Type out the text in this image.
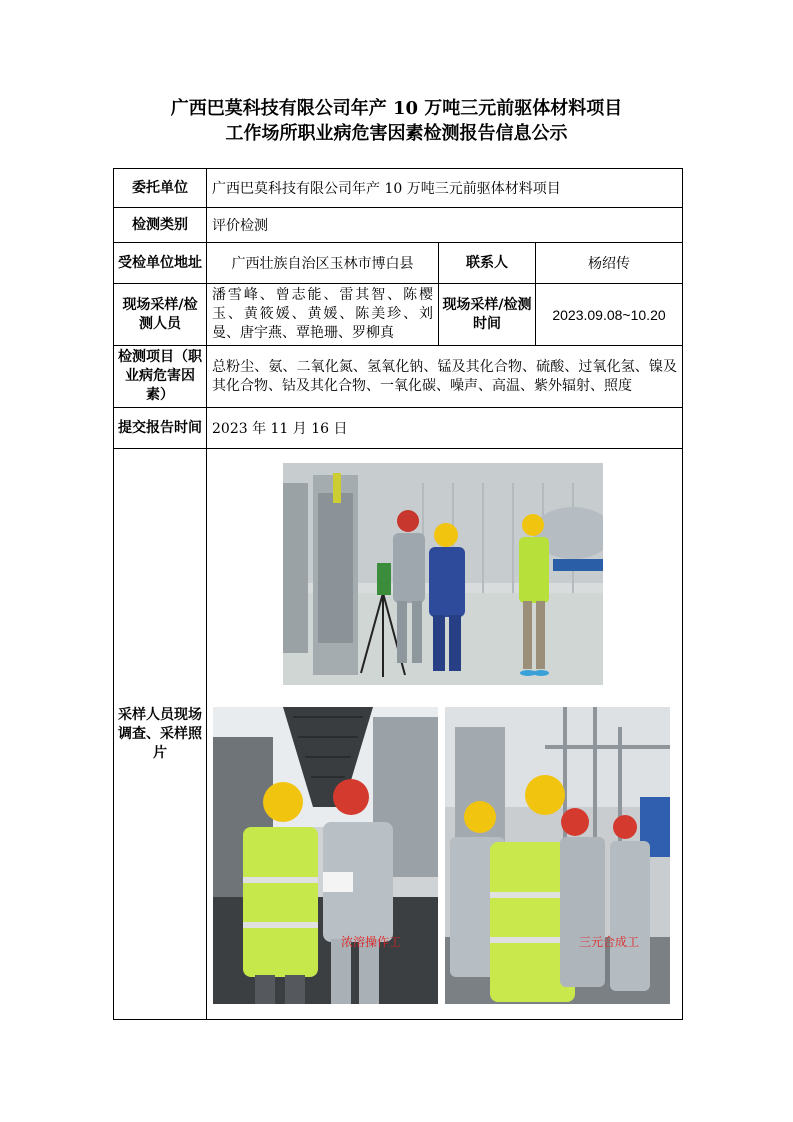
广西巴莫科技有限公司年产 10 万吨三元前驱体材料项目
工作场所职业病危害因素检测报告信息公示
委托单位	广西巴莫科技有限公司年产 10 万吨三元前驱体材料项目		
检测类别	评价检测		
受检单位地址	广西壮族自治区玉林市博白县	联系人	杨绍传
现场采样/检测人员	潘雪峰、曾志能、雷其智、陈樱玉、黄筱媛、黄媛、陈美珍、刘曼、唐宇燕、覃艳珊、罗柳真	现场采样/检测时间	2023.09.08~10.20
检测项目（职业病危害因素）	总粉尘、氨、二氧化氮、氢氧化钠、锰及其化合物、硫酸、过氧化氢、镍及其化合物、钴及其化合物、一氧化碳、噪声、高温、紫外辐射、照度		
提交报告时间	2023 年 11 月 16 日		
采样人员现场调查、采样照片	浓溶操作工 三元合成工		
